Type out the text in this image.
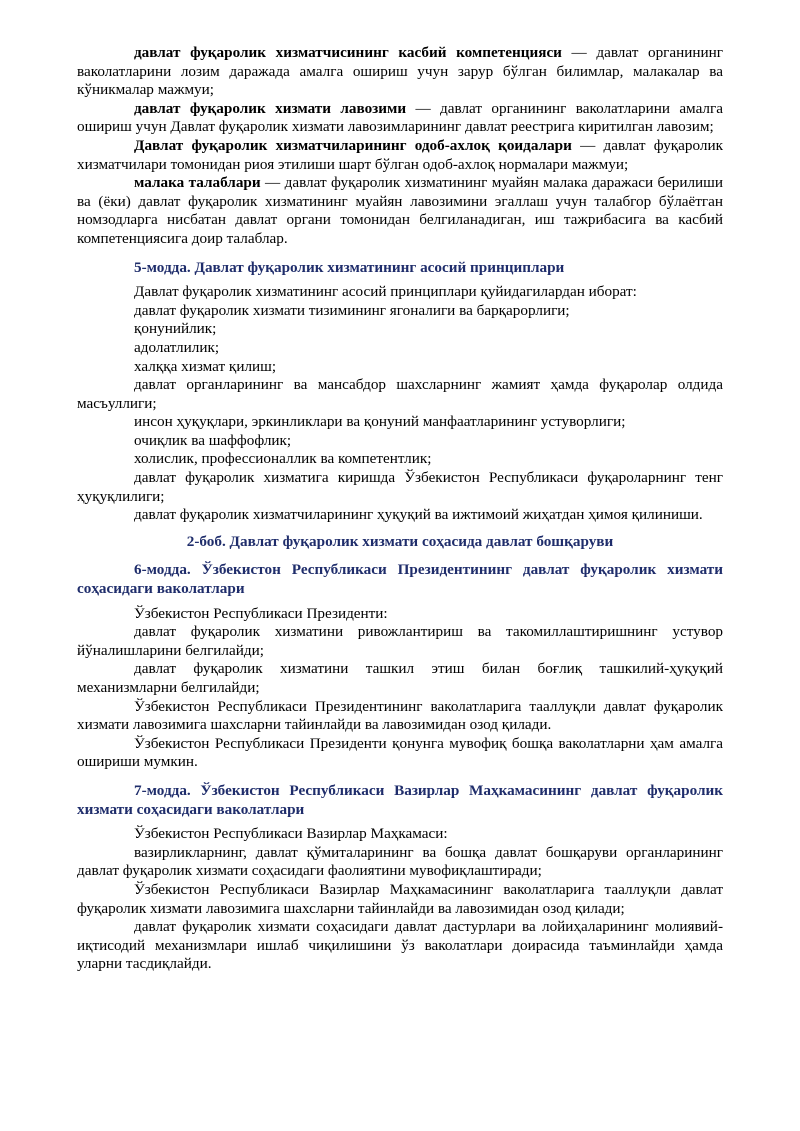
давлат фуқаролик хизматчисининг касбий компетенцияси — давлат органининг ваколатларини лозим даражада амалга ошириш учун зарур бўлган билимлар, малакалар ва кўникмалар мажмуи;

давлат фуқаролик хизмати лавозими — давлат органининг ваколатларини амалга ошириш учун Давлат фуқаролик хизмати лавозимларининг давлат реестрига киритилган лавозим;

Давлат фуқаролик хизматчиларининг одоб-ахлоқ қоидалари — давлат фуқаролик хизматчилари томонидан риоя этилиши шарт бўлган одоб-ахлоқ нормалари мажмуи;

малака талаблари — давлат фуқаролик хизматининг муайян малака даражаси берилиши ва (ёки) давлат фуқаролик хизматининг муайян лавозимини эгаллаш учун талабгор бўлаётган номзодларга нисбатан давлат органи томонидан белгиланадиган, иш тажрибасига ва касбий компетенциясига доир талаблар.

5-модда. Давлат фуқаролик хизматининг асосий принциплари

Давлат фуқаролик хизматининг асосий принциплари қуйидагилардан иборат:

давлат фуқаролик хизмати тизимининг ягоналиги ва барқарорлиги;

қонунийлик;

адолатлилик;

халққа хизмат қилиш;

давлат органларининг ва мансабдор шахсларнинг жамият ҳамда фуқаролар олдида масъуллиги;

инсон ҳуқуқлари, эркинликлари ва қонуний манфаатларининг устуворлиги;

очиқлик ва шаффофлик;

холислик, профессионаллик ва компетентлик;

давлат фуқаролик хизматига киришда Ўзбекистон Республикаси фуқароларнинг тенг ҳуқуқлилиги;

давлат фуқаролик хизматчиларининг ҳуқуқий ва ижтимоий жиҳатдан ҳимоя қилиниши.

2-боб. Давлат фуқаролик хизмати соҳасида давлат бошқаруви
6-модда. Ўзбекистон Республикаси Президентининг давлат фуқаролик хизмати соҳасидаги ваколатлари

Ўзбекистон Республикаси Президенти:

давлат фуқаролик хизматини ривожлантириш ва такомиллаштиришнинг устувор йўналишларини белгилайди;

давлат фуқаролик хизматини ташкил этиш билан боғлиқ ташкилий-ҳуқуқий механизмларни белгилайди;

Ўзбекистон Республикаси Президентининг ваколатларига тааллуқли давлат фуқаролик хизмати лавозимига шахсларни тайинлайди ва лавозимидан озод қилади.

Ўзбекистон Республикаси Президенти қонунга мувофиқ бошқа ваколатларни ҳам амалга ошириши мумкин.

7-модда. Ўзбекистон Республикаси Вазирлар Маҳкамасининг давлат фуқаролик хизмати соҳасидаги ваколатлари

Ўзбекистон Республикаси Вазирлар Маҳкамаси:

вазирликларнинг, давлат қўмиталарининг ва бошқа давлат бошқаруви органларининг давлат фуқаролик хизмати соҳасидаги фаолиятини мувофиқлаштиради;

Ўзбекистон Республикаси Вазирлар Маҳкамасининг ваколатларига тааллуқли давлат фуқаролик хизмати лавозимига шахсларни тайинлайди ва лавозимидан озод қилади;

давлат фуқаролик хизмати соҳасидаги давлат дастурлари ва лойиҳаларининг молиявий-иқтисодий механизмлари ишлаб чиқилишини ўз ваколатлари доирасида таъминлайди ҳамда уларни тасдиқлайди.
